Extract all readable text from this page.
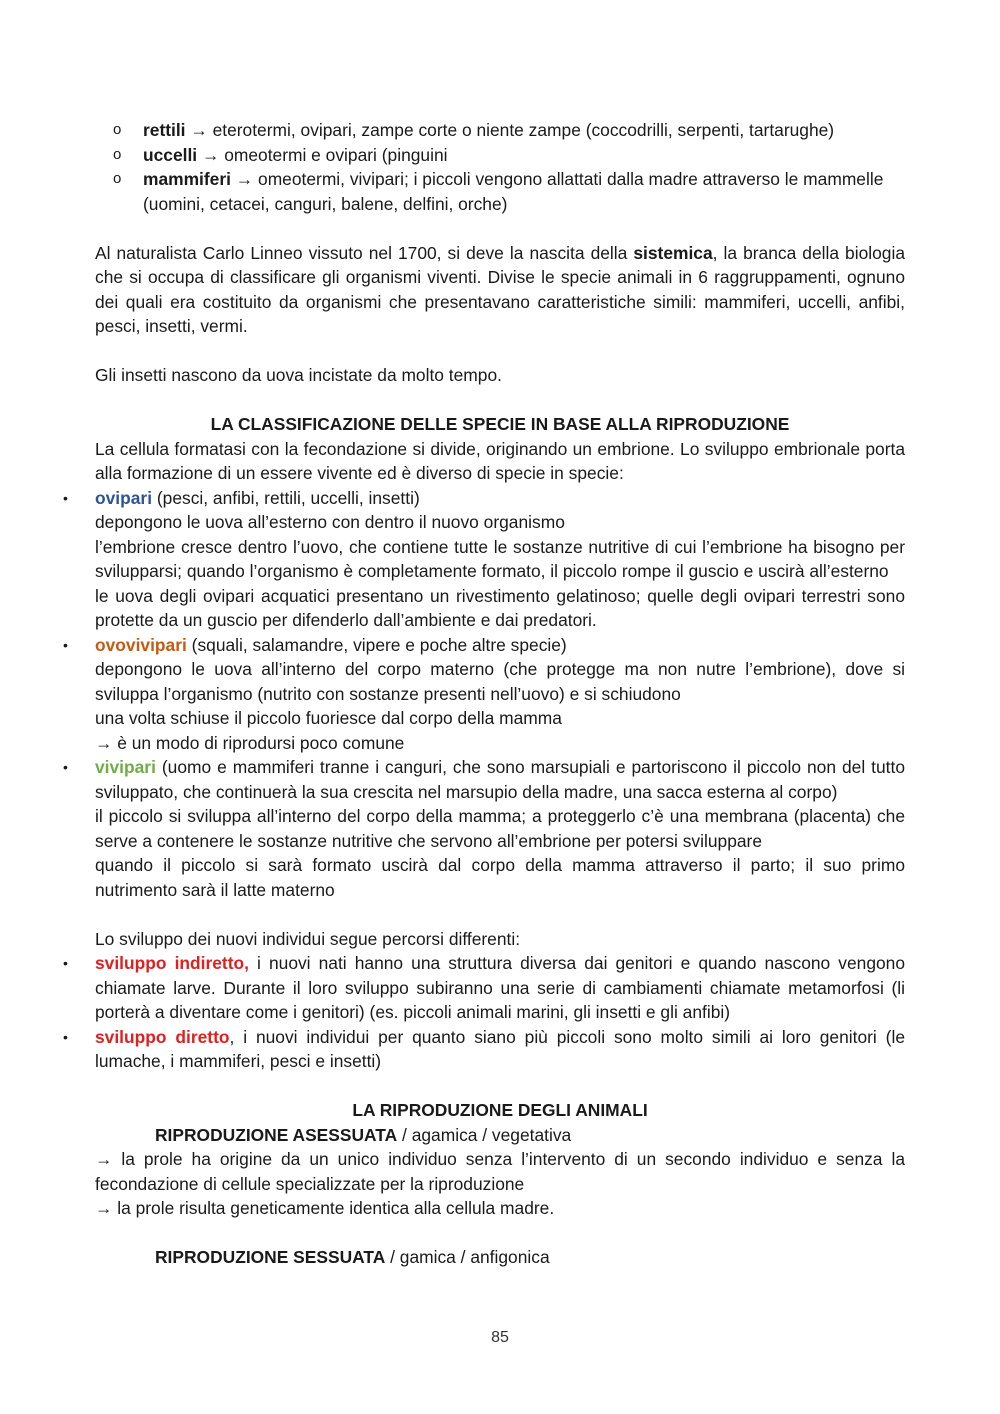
o rettili → eterotermi, ovipari, zampe corte o niente zampe (coccodrilli, serpenti, tartarughe)
o uccelli → omeotermi e ovipari (pinguini
o mammiferi → omeotermi, vivipari; i piccoli vengono allattati dalla madre attraverso le mammelle (uomini, cetacei, canguri, balene, delfini, orche)

Al naturalista Carlo Linneo vissuto nel 1700, si deve la nascita della sistemica, la branca della biologia che si occupa di classificare gli organismi viventi. Divise le specie animali in 6 raggruppamenti, ognuno dei quali era costituito da organismi che presentavano caratteristiche simili: mammiferi, uccelli, anfibi, pesci, insetti, vermi.

Gli insetti nascono da uova incistate da molto tempo.

LA CLASSIFICAZIONE DELLE SPECIE IN BASE ALLA RIPRODUZIONE

La cellula formatasi con la fecondazione si divide, originando un embrione. Lo sviluppo embrionale porta alla formazione di un essere vivente ed è diverso di specie in specie:

• ovipari (pesci, anfibi, rettili, uccelli, insetti)

depongono le uova all’esterno con dentro il nuovo organismo

l’embrione cresce dentro l’uovo, che contiene tutte le sostanze nutritive di cui l’embrione ha bisogno per svilupparsi; quando l’organismo è completamente formato, il piccolo rompe il guscio e uscirà all’esterno

le uova degli ovipari acquatici presentano un rivestimento gelatinoso; quelle degli ovipari terrestri sono protette da un guscio per difenderlo dall’ambiente e dai predatori.

• ovovivipari (squali, salamandre, vipere e poche altre specie)

depongono le uova all’interno del corpo materno (che protegge ma non nutre l’embrione), dove si sviluppa l’organismo (nutrito con sostanze presenti nell’uovo) e si schiudono

una volta schiuse il piccolo fuoriesce dal corpo della mamma

→ è un modo di riprodursi poco comune

• vivipari (uomo e mammiferi tranne i canguri, che sono marsupiali e partoriscono il piccolo non del tutto sviluppato, che continuerà la sua crescita nel marsupio della madre, una sacca esterna al corpo)

il piccolo si sviluppa all’interno del corpo della mamma; a proteggerlo c’è una membrana (placenta) che serve a contenere le sostanze nutritive che servono all’embrione per potersi sviluppare

quando il piccolo si sarà formato uscirà dal corpo della mamma attraverso il parto; il suo primo nutrimento sarà il latte materno

Lo sviluppo dei nuovi individui segue percorsi differenti:

• sviluppo indiretto, i nuovi nati hanno una struttura diversa dai genitori e quando nascono vengono chiamate larve. Durante il loro sviluppo subiranno una serie di cambiamenti chiamate metamorfosi (li porterà a diventare come i genitori) (es. piccoli animali marini, gli insetti e gli anfibi)

• sviluppo diretto, i nuovi individui per quanto siano più piccoli sono molto simili ai loro genitori (le lumache, i mammiferi, pesci e insetti)

LA RIPRODUZIONE DEGLI ANIMALI

RIPRODUZIONE ASESSUATA / agamica / vegetativa

→ la prole ha origine da un unico individuo senza l’intervento di un secondo individuo e senza la fecondazione di cellule specializzate per la riproduzione

→ la prole risulta geneticamente identica alla cellula madre.

RIPRODUZIONE SESSUATA / gamica / anfigonica

85
